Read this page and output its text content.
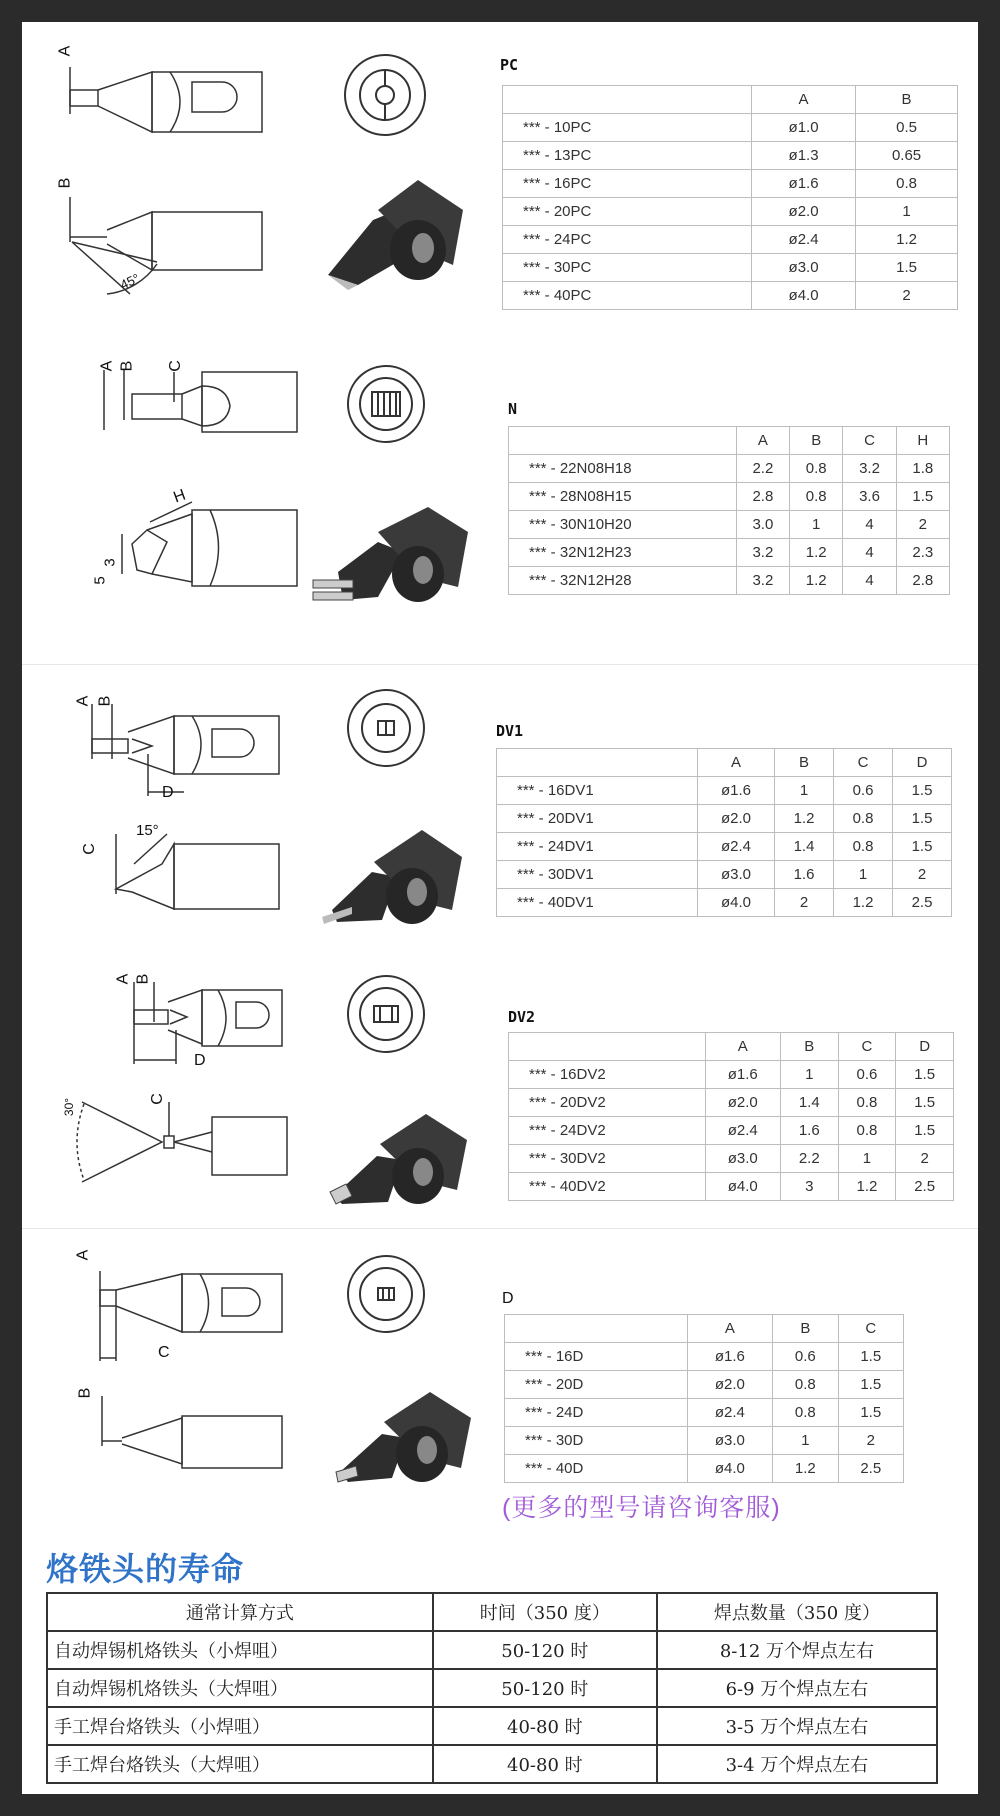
A
B
45°
PC
	A	B
*** - 10PC	ø1.0	0.5
*** - 13PC	ø1.3	0.65
*** - 16PC	ø1.6	0.8
*** - 20PC	ø2.0	1
*** - 24PC	ø2.4	1.2
*** - 30PC	ø3.0	1.5
*** - 40PC	ø4.0	2
A B C
H
5
3
N
	A	B	C	H
*** - 22N08H18	2.2	0.8	3.2	1.8
*** - 28N08H15	2.8	0.8	3.6	1.5
*** - 30N10H20	3.0	1	4	2
*** - 32N12H23	3.2	1.2	4	2.3
*** - 32N12H28	3.2	1.2	4	2.8
A B
D
C
15°
DV1
	A	B	C	D
*** - 16DV1	ø1.6	1	0.6	1.5
*** - 20DV1	ø2.0	1.2	0.8	1.5
*** - 24DV1	ø2.4	1.4	0.8	1.5
*** - 30DV1	ø3.0	1.6	1	2
*** - 40DV1	ø4.0	2	1.2	2.5
A B
D
C
30°
DV2
	A	B	C	D
*** - 16DV2	ø1.6	1	0.6	1.5
*** - 20DV2	ø2.0	1.4	0.8	1.5
*** - 24DV2	ø2.4	1.6	0.8	1.5
*** - 30DV2	ø3.0	2.2	1	2
*** - 40DV2	ø4.0	3	1.2	2.5
A
C
B
D
	A	B	C
*** - 16D	ø1.6	0.6	1.5
*** - 20D	ø2.0	0.8	1.5
*** - 24D	ø2.4	0.8	1.5
*** - 30D	ø3.0	1	2
*** - 40D	ø4.0	1.2	2.5
(更多的型号请咨询客服)
烙铁头的寿命
通常计算方式	时间（350 度）	焊点数量（350 度）
自动焊锡机烙铁头（小焊咀）	50-120 时	8-12 万个焊点左右
自动焊锡机烙铁头（大焊咀）	50-120 时	6-9 万个焊点左右
手工焊台烙铁头（小焊咀）	40-80 时	3-5 万个焊点左右
手工焊台烙铁头（大焊咀）	40-80 时	3-4 万个焊点左右
